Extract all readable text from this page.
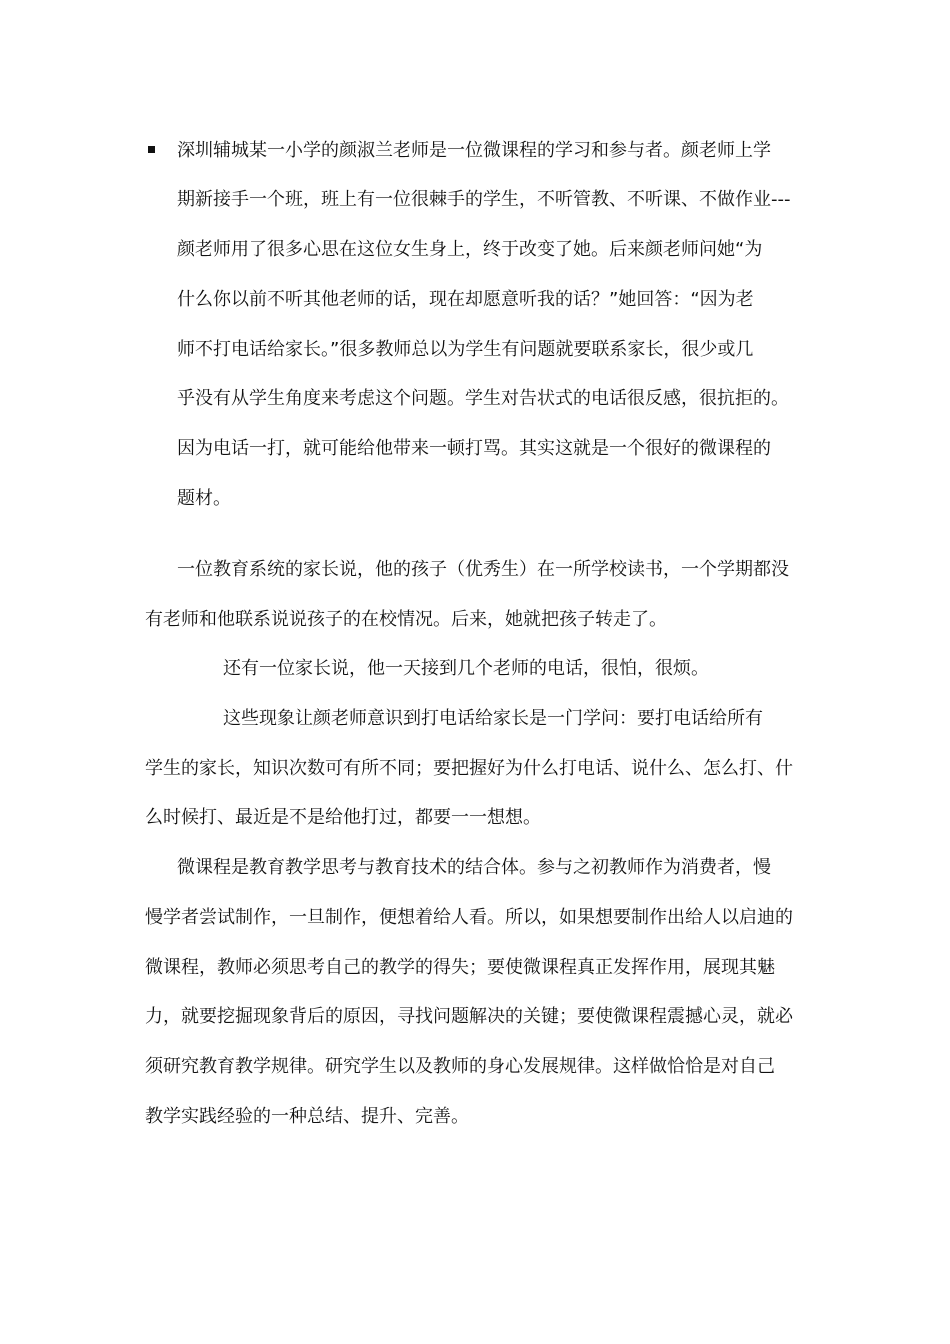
深圳辅城某一小学的颜淑兰老师是一位微课程的学习和参与者。颜老师上学
期新接手一个班，班上有一位很棘手的学生，不听管教、不听课、不做作业---
颜老师用了很多心思在这位女生身上，终于改变了她。后来颜老师问她“为
什么你以前不听其他老师的话，现在却愿意听我的话？”她回答：“因为老
师不打电话给家长。”很多教师总以为学生有问题就要联系家长，很少或几
乎没有从学生角度来考虑这个问题。学生对告状式的电话很反感，很抗拒的。
因为电话一打，就可能给他带来一顿打骂。其实这就是一个很好的微课程的
题材。
一位教育系统的家长说，他的孩子（优秀生）在一所学校读书，一个学期都没
有老师和他联系说说孩子的在校情况。后来，她就把孩子转走了。
还有一位家长说，他一天接到几个老师的电话，很怕，很烦。
这些现象让颜老师意识到打电话给家长是一门学问：要打电话给所有
学生的家长，知识次数可有所不同；要把握好为什么打电话、说什么、怎么打、什
么时候打、最近是不是给他打过，都要一一想想。
微课程是教育教学思考与教育技术的结合体。参与之初教师作为消费者，慢
慢学者尝试制作，一旦制作，便想着给人看。所以，如果想要制作出给人以启迪的
微课程，教师必须思考自己的教学的得失；要使微课程真正发挥作用，展现其魅
力，就要挖掘现象背后的原因，寻找问题解决的关键；要使微课程震撼心灵，就必
须研究教育教学规律。研究学生以及教师的身心发展规律。这样做恰恰是对自己
教学实践经验的一种总结、提升、完善。
